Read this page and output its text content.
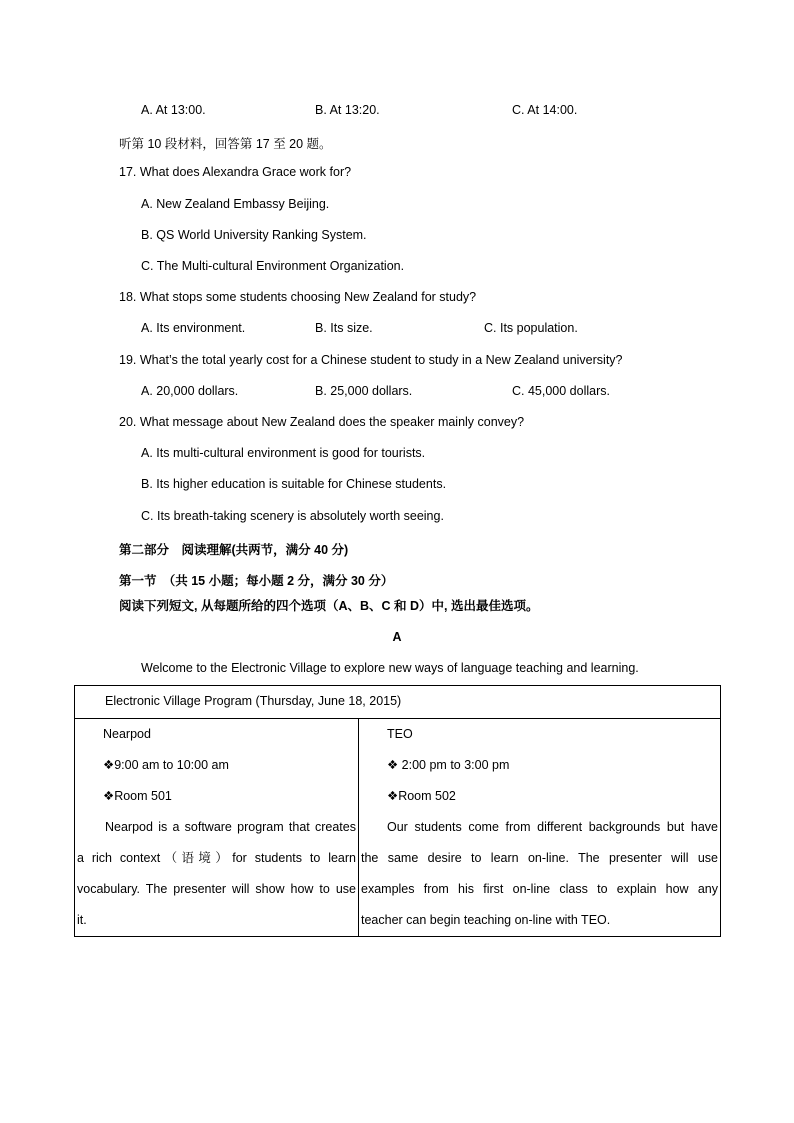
A. At 13:00.	B. At 13:20.	C. At 14:00.
听第 10 段材料，回答第 17 至 20 题。
17. What does Alexandra Grace work for?
A. New Zealand Embassy Beijing.
B. QS World University Ranking System.
C. The Multi-cultural Environment Organization.
18. What stops some students choosing New Zealand for study?
A. Its environment.	B. Its size.	C. Its population.
19. What’s the total yearly cost for a Chinese student to study in a New Zealand university?
A. 20,000 dollars.	B. 25,000 dollars.	C. 45,000 dollars.
20. What message about New Zealand does the speaker mainly convey?
A. Its multi-cultural environment is good for tourists.
B. Its higher education is suitable for Chinese students.
C. Its breath-taking scenery is absolutely worth seeing.
第二部分　阅读理解(共两节，满分 40 分)
第一节　（共 15 小题；每小题 2 分，满分 30 分）
阅读下列短文, 从每题所给的四个选项（A、B、C 和 D）中, 选出最佳选项。
A
Welcome to the Electronic Village to explore new ways of language teaching and learning.
Electronic Village Program (Thursday, June 18, 2015)

Nearpod
❖9:00 am to 10:00 am
❖Room 501
Nearpod is a software program that creates
a rich context（语境）for students to learn
vocabulary. The presenter will show how to use
it.

TEO
❖ 2:00 pm to 3:00 pm
❖Room 502
Our students come from different backgrounds but have
the same desire to learn on-line. The presenter will use
examples from his first on-line class to explain how any
teacher can begin teaching on-line with TEO.
